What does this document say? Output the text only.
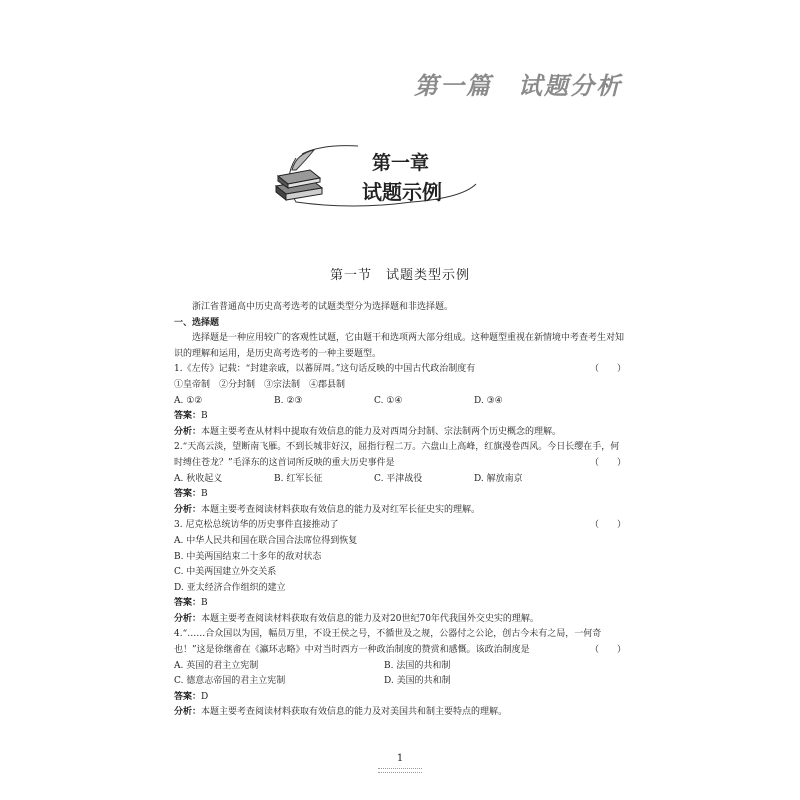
第一篇　试题分析
第一章
试题示例
第一节　试题类型示例

浙江省普通高中历史高考选考的试题类型分为选择题和非选择题。

一、选择题

选择题是一种应用较广的客观性试题，它由题干和选项两大部分组成。这种题型重视在新情境中考查考生对知识的理解和运用，是历史高考选考的一种主要题型。

1.《左传》记载：“封建亲戚，以蕃屏周。”这句话反映的中国古代政治制度有	（　　）

①皇帝制　②分封制　③宗法制　④郡县制

A. ①②	B. ②③	C. ①④	D. ③④

答案：B

分析：本题主要考查从材料中提取有效信息的能力及对西周分封制、宗法制两个历史概念的理解。

2.“天高云淡，望断南飞雁。不到长城非好汉，屈指行程二万。六盘山上高峰，红旗漫卷西风。今日长缨在手，何时缚住苍龙？”毛泽东的这首词所反映的重大历史事件是	（　　）

A. 秋收起义	B. 红军长征	C. 平津战役	D. 解放南京

答案：B

分析：本题主要考查阅读材料获取有效信息的能力及对红军长征史实的理解。

3. 尼克松总统访华的历史事件直接推动了	（　　）

A. 中华人民共和国在联合国合法席位得到恢复

B. 中美两国结束二十多年的敌对状态

C. 中美两国建立外交关系

D. 亚太经济合作组织的建立

答案：B

分析：本题主要考查阅读材料获取有效信息的能力及对20世纪70年代我国外交史实的理解。

4.“……合众国以为国，幅员万里，不设王侯之号，不循世及之规，公器付之公论，创古今未有之局，一何奇也！”这是徐继畬在《瀛环志略》中对当时西方一种政治制度的赞赏和感慨。该政治制度是	（　　）

A. 英国的君主立宪制	B. 法国的共和制
C. 德意志帝国的君主立宪制	D. 美国的共和制

答案：D

分析：本题主要考查阅读材料获取有效信息的能力及对美国共和制主要特点的理解。

1
